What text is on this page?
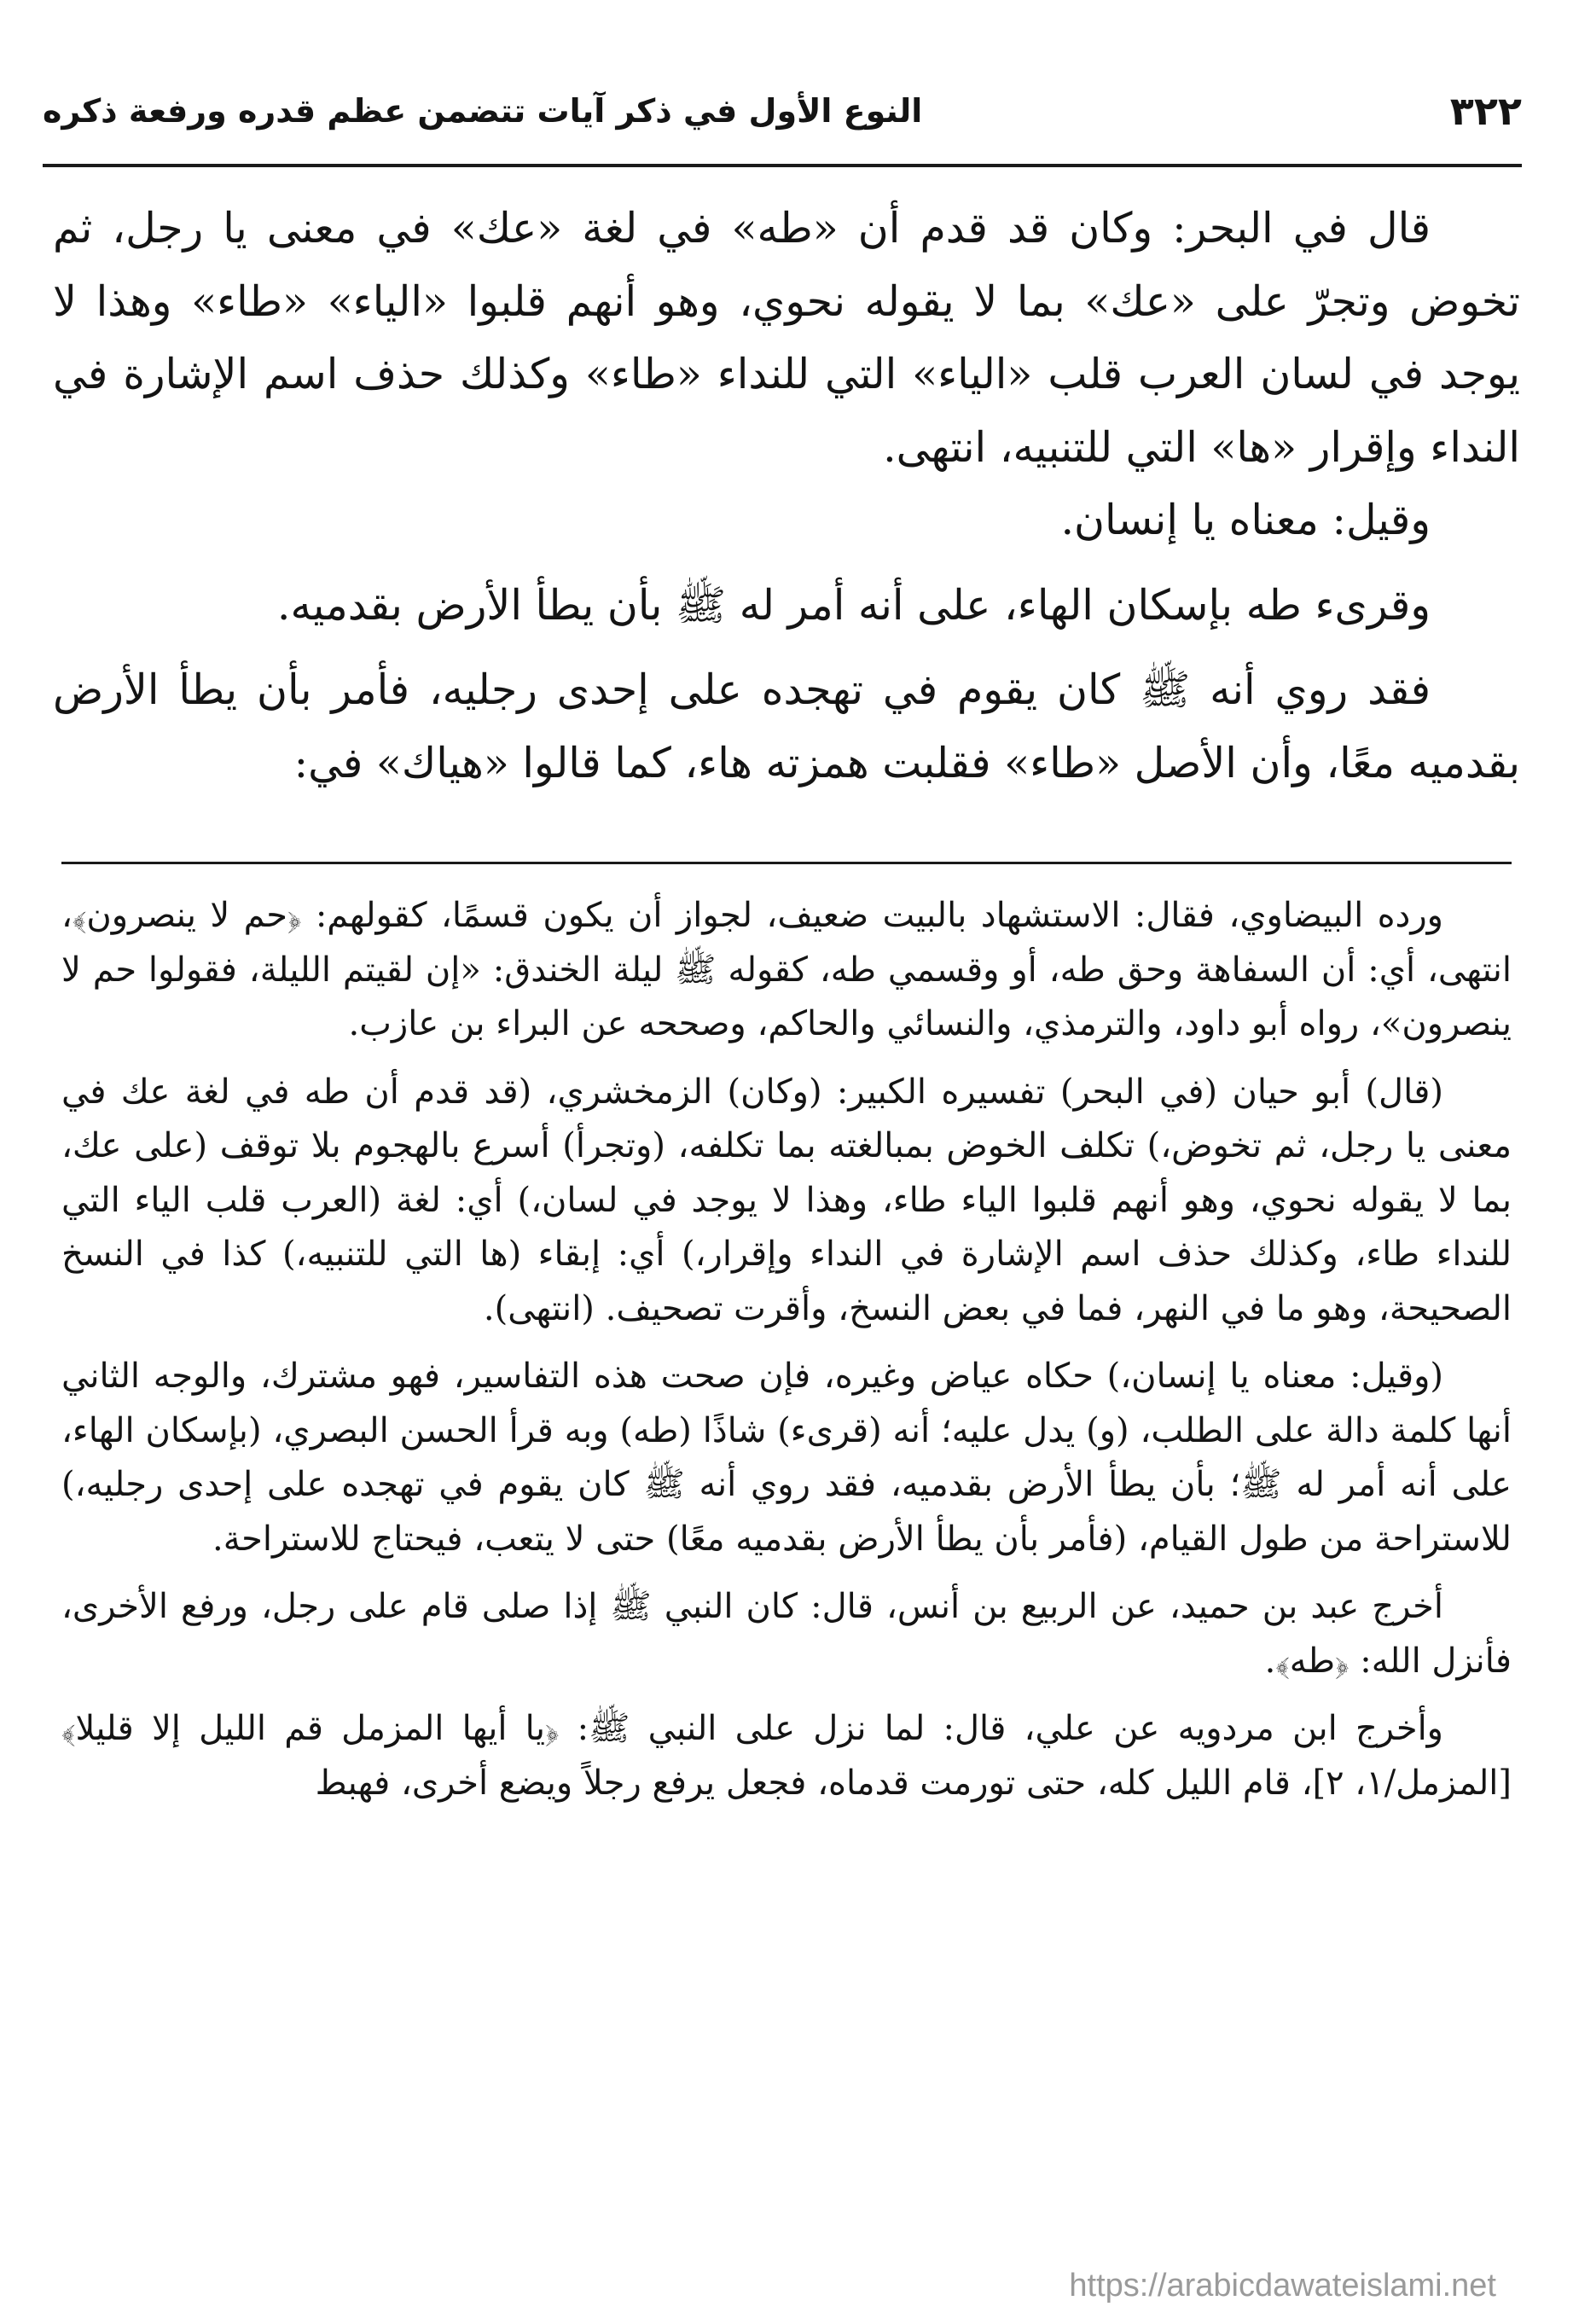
٣٢٢
النوع الأول في ذكر آيات تتضمن عظم قدره ورفعة ذكره

قال في البحر: وكان قد قدم أن «طه» في لغة «عك» في معنى يا رجل، ثم تخوض وتجرّ على «عك» بما لا يقوله نحوي، وهو أنهم قلبوا «الياء» «طاء» وهذا لا يوجد في لسان العرب قلب «الياء» التي للنداء «طاء» وكذلك حذف اسم الإشارة في النداء وإقرار «ها» التي للتنبيه، انتهى.

وقيل: معناه يا إنسان.

وقرىء طه بإسكان الهاء، على أنه أمر له ﷺ بأن يطأ الأرض بقدميه.

فقد روي أنه ﷺ كان يقوم في تهجده على إحدى رجليه، فأمر بأن يطأ الأرض بقدميه معًا، وأن الأصل «طاء» فقلبت همزته هاء، كما قالوا «هياك» في:

ورده البيضاوي، فقال: الاستشهاد بالبيت ضعيف، لجواز أن يكون قسمًا، كقولهم: ﴿حم لا ينصرون﴾، انتهى، أي: أن السفاهة وحق طه، أو وقسمي طه، كقوله ﷺ ليلة الخندق: «إن لقيتم الليلة، فقولوا حم لا ينصرون»، رواه أبو داود، والترمذي، والنسائي والحاكم، وصححه عن البراء بن عازب.

(قال) أبو حيان (في البحر) تفسيره الكبير: (وكان) الزمخشري، (قد قدم أن طه في لغة عك في معنى يا رجل، ثم تخوض،) تكلف الخوض بمبالغته بما تكلفه، (وتجرأ) أسرع بالهجوم بلا توقف (على عك، بما لا يقوله نحوي، وهو أنهم قلبوا الياء طاء، وهذا لا يوجد في لسان،) أي: لغة (العرب قلب الياء التي للنداء طاء، وكذلك حذف اسم الإشارة في النداء وإقرار،) أي: إبقاء (ها التي للتنبيه،) كذا في النسخ الصحيحة، وهو ما في النهر، فما في بعض النسخ، وأقرت تصحيف. (انتهى).

(وقيل: معناه يا إنسان،) حكاه عياض وغيره، فإن صحت هذه التفاسير، فهو مشترك، والوجه الثاني أنها كلمة دالة على الطلب، (و) يدل عليه؛ أنه (قرىء) شاذًا (طه) وبه قرأ الحسن البصري، (بإسكان الهاء، على أنه أمر له ﷺ؛ بأن يطأ الأرض بقدميه، فقد روي أنه ﷺ كان يقوم في تهجده على إحدى رجليه،) للاستراحة من طول القيام، (فأمر بأن يطأ الأرض بقدميه معًا) حتى لا يتعب، فيحتاج للاستراحة.

أخرج عبد بن حميد، عن الربيع بن أنس، قال: كان النبي ﷺ إذا صلى قام على رجل، ورفع الأخرى، فأنزل الله: ﴿طه﴾.

وأخرج ابن مردويه عن علي، قال: لما نزل على النبي ﷺ: ﴿يا أيها المزمل قم الليل إلا قليلا﴾ [المزمل/١، ٢]، قام الليل كله، حتى تورمت قدماه، فجعل يرفع رجلاً ويضع أخرى، فهبط

https://arabicdawateislami.net
